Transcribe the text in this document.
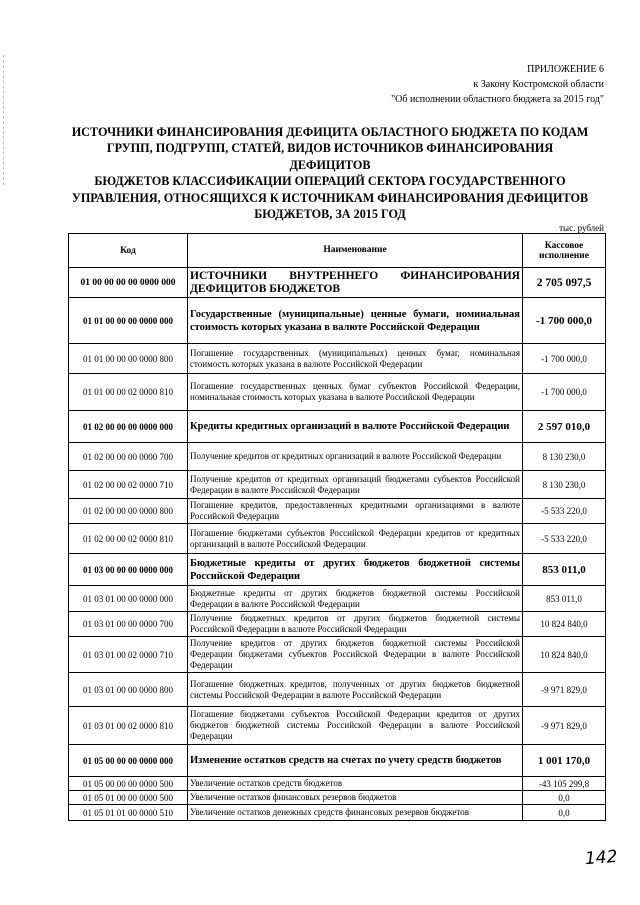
ПРИЛОЖЕНИЕ 6
к Закону Костромской области
"Об исполнении областного бюджета за 2015 год"
ИСТОЧНИКИ ФИНАНСИРОВАНИЯ ДЕФИЦИТА ОБЛАСТНОГО БЮДЖЕТА ПО КОДАМ
ГРУПП, ПОДГРУПП, СТАТЕЙ, ВИДОВ ИСТОЧНИКОВ ФИНАНСИРОВАНИЯ ДЕФИЦИТОВ
БЮДЖЕТОВ КЛАССИФИКАЦИИ ОПЕРАЦИЙ СЕКТОРА ГОСУДАРСТВЕННОГО
УПРАВЛЕНИЯ, ОТНОСЯЩИХСЯ К ИСТОЧНИКАМ ФИНАНСИРОВАНИЯ ДЕФИЦИТОВ
БЮДЖЕТОВ, ЗА 2015 ГОД
тыс. рублей
Код	Наименование	Кассовое
исполнение

01 00 00 00 00 0000 000	ИСТОЧНИКИ ВНУТРЕННЕГО ФИНАНСИРОВАНИЯ ДЕФИЦИТОВ БЮДЖЕТОВ	2 705 097,5
01 01 00 00 00 0000 000	Государственные (муниципальные) ценные бумаги, номинальная стоимость которых указана в валюте Российской Федерации	-1 700 000,0
01 01 00 00 00 0000 800	Погашение государственных (муниципальных) ценных бумаг, номинальная стоимость которых указана в валюте Российской Федерации	-1 700 000,0
01 01 00 00 02 0000 810	Погашение государственных ценных бумаг субъектов Российской Федерации, номинальная стоимость которых указана в валюте Российской Федерации	-1 700 000,0
01 02 00 00 00 0000 000	Кредиты кредитных организаций в валюте Российской Федерации	2 597 010,0
01 02 00 00 00 0000 700	Получение кредитов от кредитных организаций в валюте Российской Федерации	8 130 230,0
01 02 00 00 02 0000 710	Получение кредитов от кредитных организаций бюджетами субъектов Российской Федерации в валюте Российской Федерации	8 130 230,0
01 02 00 00 00 0000 800	Погашение кредитов, предоставленных кредитными организациями в валюте Российской Федерации	-5 533 220,0
01 02 00 00 02 0000 810	Погашение бюджетами субъектов Российской Федерации кредитов от кредитных организаций в валюте Российской Федерации	-5 533 220,0
01 03 00 00 00 0000 000	Бюджетные кредиты от других бюджетов бюджетной системы Российской Федерации	853 011,0
01 03 01 00 00 0000 000	Бюджетные кредиты от других бюджетов бюджетной системы Российской Федерации в валюте Российской Федерации	853 011,0
01 03 01 00 00 0000 700	Получение бюджетных кредитов от других бюджетов бюджетной системы Российской Федерации в валюте Российской Федерации	10 824 840,0
01 03 01 00 02 0000 710	Получение кредитов от других бюджетов бюджетной системы Российской Федерации бюджетами субъектов Российской Федерации в валюте Российской Федерации	10 824 840,0
01 03 01 00 00 0000 800	Погашение бюджетных кредитов, полученных от других бюджетов бюджетной системы Российской Федерации в валюте Российской Федерации	-9 971 829,0
01 03 01 00 02 0000 810	Погашение бюджетами субъектов Российской Федерации кредитов от других бюджетов бюджетной системы Российской Федерации в валюте Российской Федерации	-9 971 829,0
01 05 00 00 00 0000 000	Изменение остатков средств на счетах по учету средств бюджетов	1 001 170,0
01 05 00 00 00 0000 500	Увеличение остатков средств бюджетов	-43 105 299,8
01 05 01 00 00 0000 500	Увеличение остатков финансовых резервов бюджетов	0,0
01 05 01 01 00 0000 510	Увеличение остатков денежных средств финансовых резервов бюджетов	0,0
142
